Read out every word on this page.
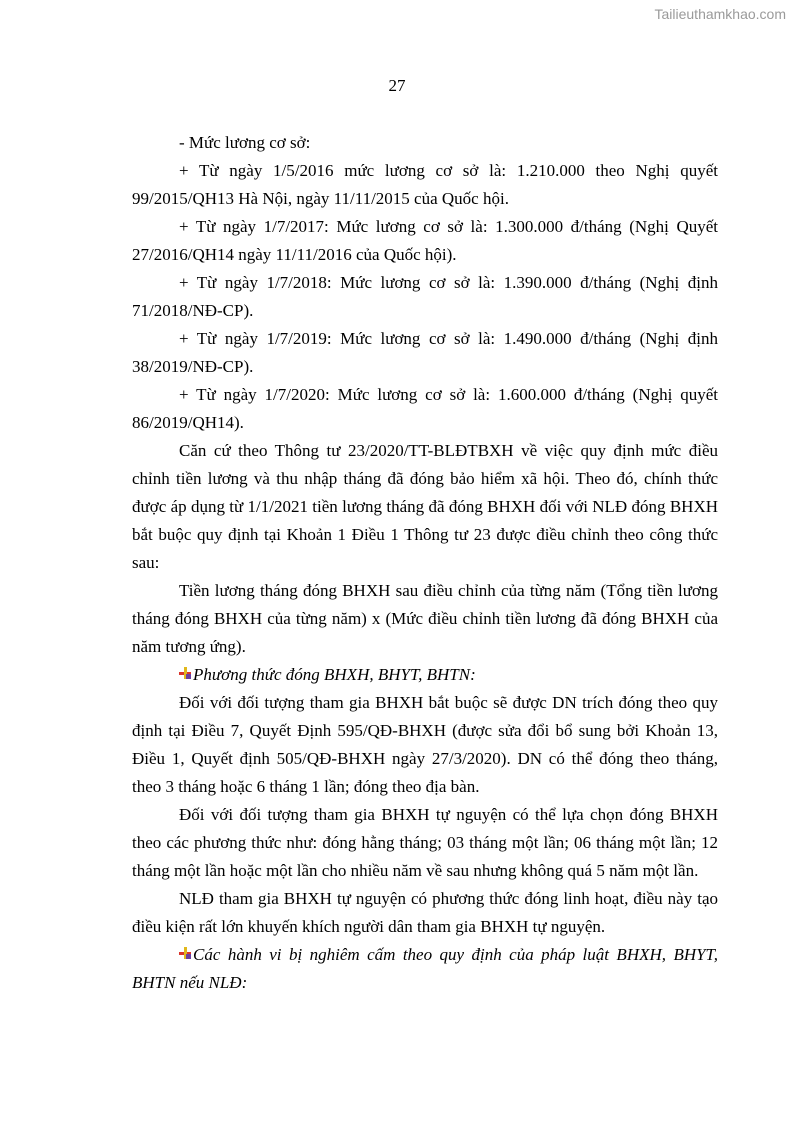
Tailieuthamkhao.com
27

- Mức lương cơ sở:

+ Từ ngày 1/5/2016 mức lương cơ sở là: 1.210.000 theo Nghị quyết 99/2015/QH13 Hà Nội, ngày 11/11/2015 của Quốc hội.

+ Từ ngày 1/7/2017: Mức lương cơ sở là: 1.300.000 đ/tháng (Nghị Quyết 27/2016/QH14 ngày 11/11/2016 của Quốc hội).

+ Từ ngày 1/7/2018: Mức lương cơ sở là: 1.390.000 đ/tháng (Nghị định 71/2018/NĐ-CP).

+ Từ ngày 1/7/2019: Mức lương cơ sở là: 1.490.000 đ/tháng (Nghị định 38/2019/NĐ-CP).

+ Từ ngày 1/7/2020: Mức lương cơ sở là: 1.600.000 đ/tháng (Nghị quyết 86/2019/QH14).

Căn cứ theo Thông tư 23/2020/TT-BLĐTBXH về việc quy định mức điều chỉnh tiền lương và thu nhập tháng đã đóng bảo hiểm xã hội. Theo đó, chính thức được áp dụng từ 1/1/2021 tiền lương tháng đã đóng BHXH đối với NLĐ đóng BHXH bắt buộc quy định tại Khoản 1 Điều 1 Thông tư 23 được điều chỉnh theo công thức sau:

Tiền lương tháng đóng BHXH sau điều chỉnh của từng năm (Tổng tiền lương tháng đóng BHXH của từng năm) x (Mức điều chỉnh tiền lương đã đóng BHXH của năm tương ứng).

Phương thức đóng BHXH, BHYT, BHTN:

Đối với đối tượng tham gia BHXH bắt buộc sẽ được DN trích đóng theo quy định tại Điều 7, Quyết Định 595/QĐ-BHXH (được sửa đổi bổ sung bởi Khoản 13, Điều 1, Quyết định 505/QĐ-BHXH ngày 27/3/2020). DN có thể đóng theo tháng, theo 3 tháng hoặc 6 tháng 1 lần; đóng theo địa bàn.

Đối với đối tượng tham gia BHXH tự nguyện có thể lựa chọn đóng BHXH theo các phương thức như: đóng hằng tháng; 03 tháng một lần; 06 tháng một lần; 12 tháng một lần hoặc một lần cho nhiều năm về sau nhưng không quá 5 năm một lần.

NLĐ tham gia BHXH tự nguyện có phương thức đóng linh hoạt, điều này tạo điều kiện rất lớn khuyến khích người dân tham gia BHXH tự nguyện.

Các hành vi bị nghiêm cấm theo quy định của pháp luật BHXH, BHYT, BHTN nếu NLĐ:
